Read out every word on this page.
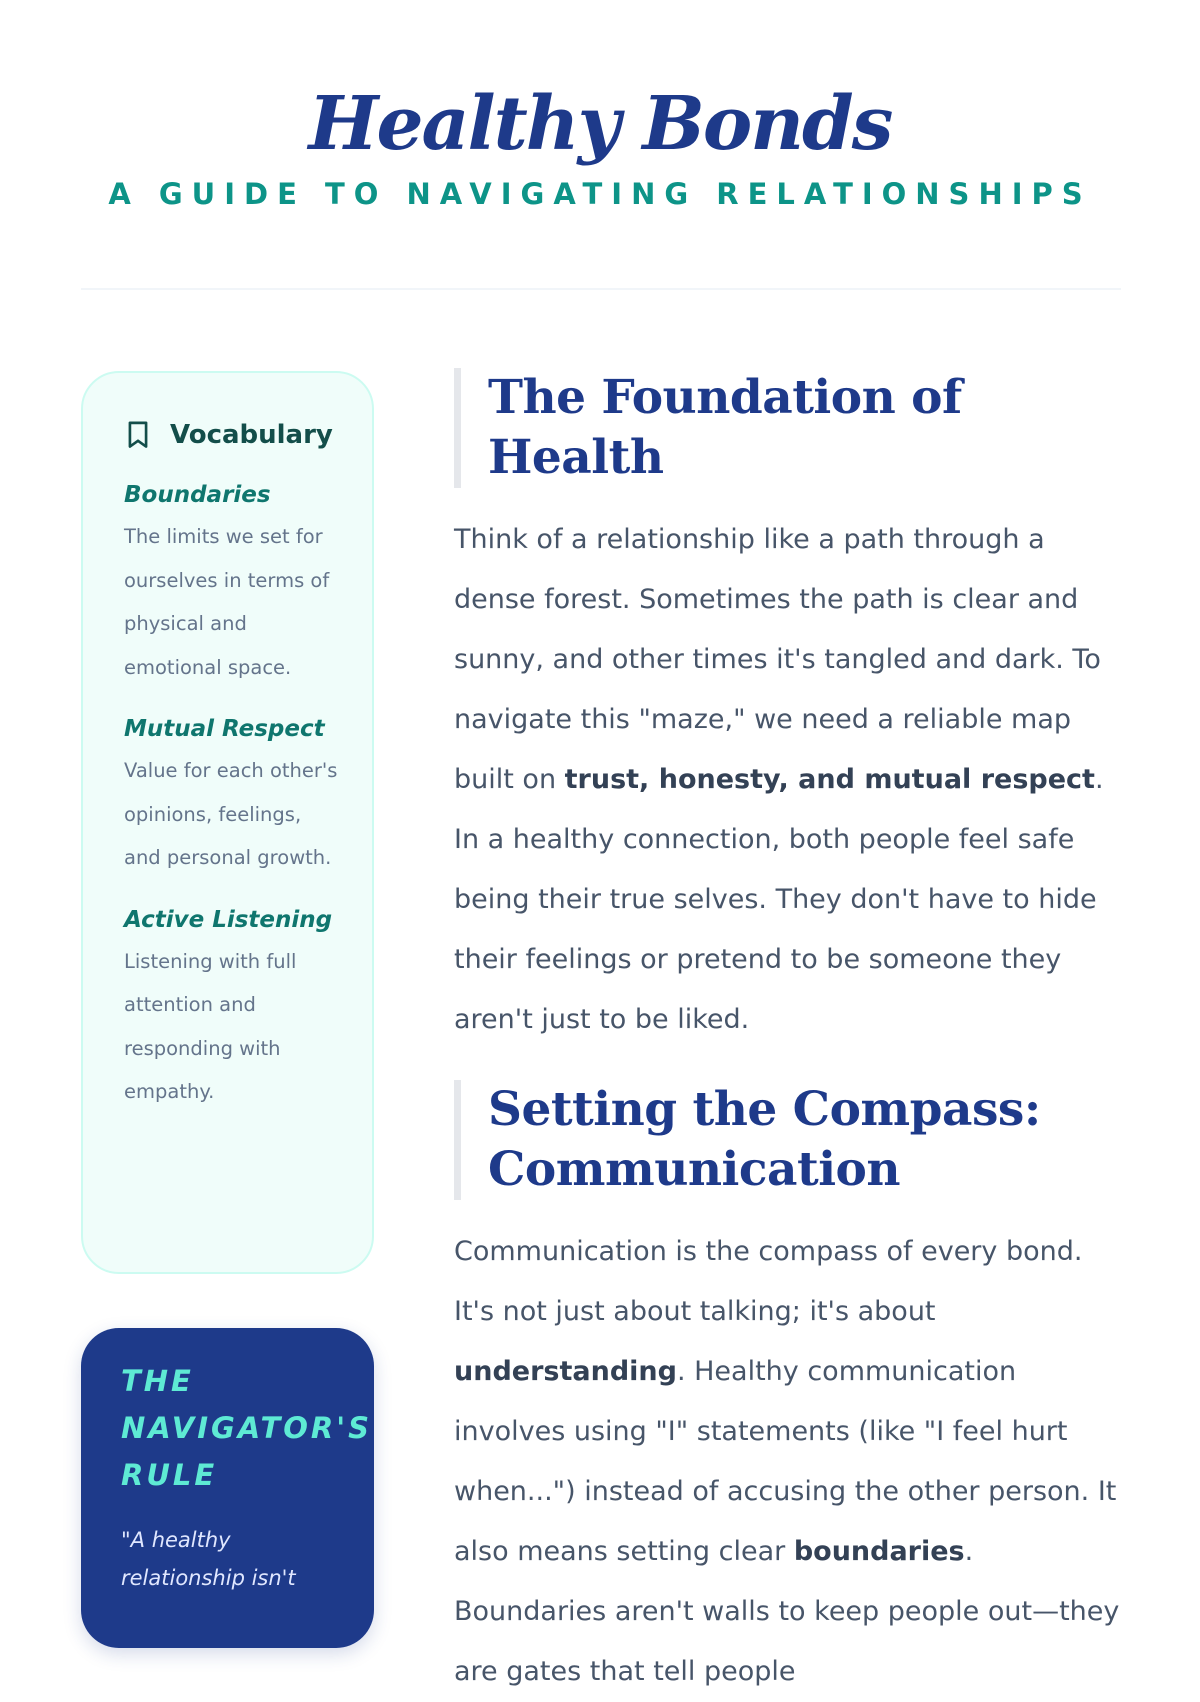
Healthy Bonds
A GUIDE TO NAVIGATING RELATIONSHIPS
Vocabulary

Boundaries

The limits we set for ourselves in terms of physical and emotional space.

Mutual Respect

Value for each other's opinions, feelings, and personal growth.

Active Listening

Listening with full attention and responding with empathy.

THE NAVIGATOR'S RULE

"A healthy relationship isn't
The Foundation of Health

Think of a relationship like a path through a dense forest. Sometimes the path is clear and sunny, and other times it's tangled and dark. To navigate this "maze," we need a reliable map built on trust, honesty, and mutual respect. In a healthy connection, both people feel safe being their true selves. They don't have to hide their feelings or pretend to be someone they aren't just to be liked.

Setting the Compass: Communication

Communication is the compass of every bond. It's not just about talking; it's about understanding. Healthy communication involves using "I" statements (like "I feel hurt when...") instead of accusing the other person. It also means setting clear boundaries. Boundaries aren't walls to keep people out—they are gates that tell people
